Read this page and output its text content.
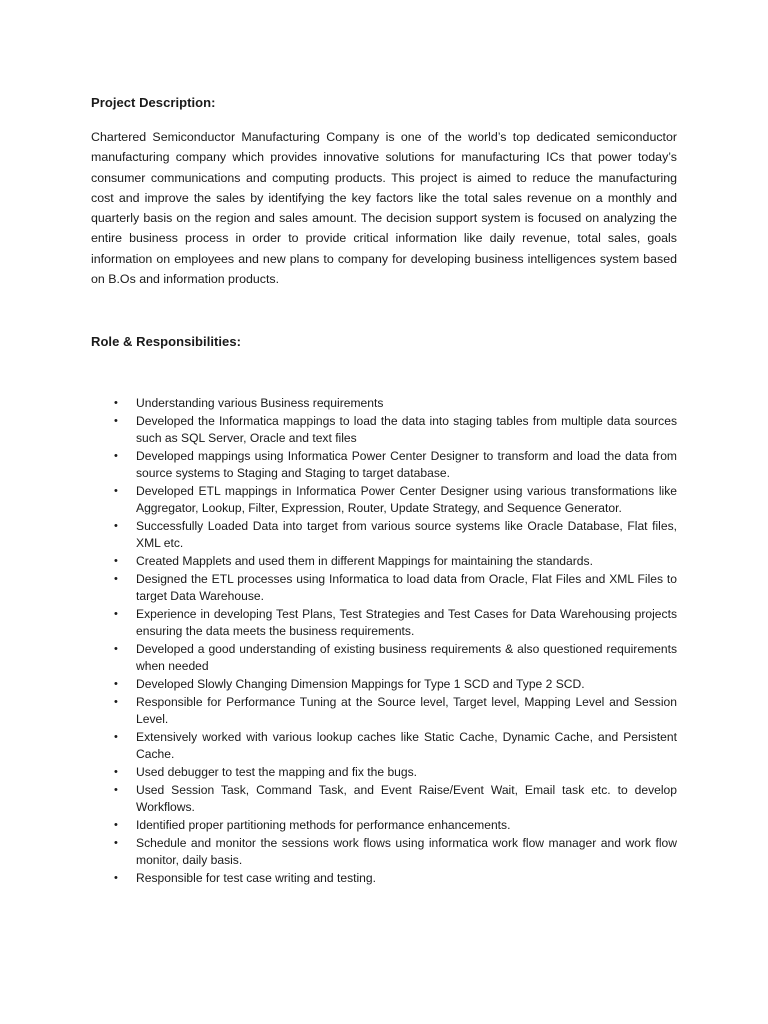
Project Description:

Chartered Semiconductor Manufacturing Company is one of the world’s top dedicated semiconductor manufacturing company which provides innovative solutions for manufacturing ICs that power today’s consumer communications and computing products. This project is aimed to reduce the manufacturing cost and improve the sales by identifying the key factors like the total sales revenue on a monthly and quarterly basis on the region and sales amount. The decision support system is focused on analyzing the entire business process in order to provide critical information like daily revenue, total sales, goals information on employees and new plans to company for developing business intelligences system based on B.Os and information products.

Role & Responsibilities:
• Understanding various Business requirements
• Developed the Informatica mappings to load the data into staging tables from multiple data sources such as SQL Server, Oracle and text files
• Developed mappings using Informatica Power Center Designer to transform and load the data from source systems to Staging and Staging to target database.
• Developed ETL mappings in Informatica Power Center Designer using various transformations like Aggregator, Lookup, Filter, Expression, Router, Update Strategy, and Sequence Generator.
• Successfully Loaded Data into target from various source systems like Oracle Database, Flat files, XML etc.
• Created Mapplets and used them in different Mappings for maintaining the standards.
• Designed the ETL processes using Informatica to load data from Oracle, Flat Files and XML Files to target Data Warehouse.
• Experience in developing Test Plans, Test Strategies and Test Cases for Data Warehousing projects ensuring the data meets the business requirements.
• Developed a good understanding of existing business requirements & also questioned requirements when needed
• Developed Slowly Changing Dimension Mappings for Type 1 SCD and Type 2 SCD.
• Responsible for Performance Tuning at the Source level, Target level, Mapping Level and Session Level.
• Extensively worked with various lookup caches like Static Cache, Dynamic Cache, and Persistent Cache.
• Used debugger to test the mapping and fix the bugs.
• Used Session Task, Command Task, and Event Raise/Event Wait, Email task etc. to develop Workflows.
• Identified proper partitioning methods for performance enhancements.
• Schedule and monitor the sessions work flows using informatica work flow manager and work flow monitor, daily basis.
• Responsible for test case writing and testing.
